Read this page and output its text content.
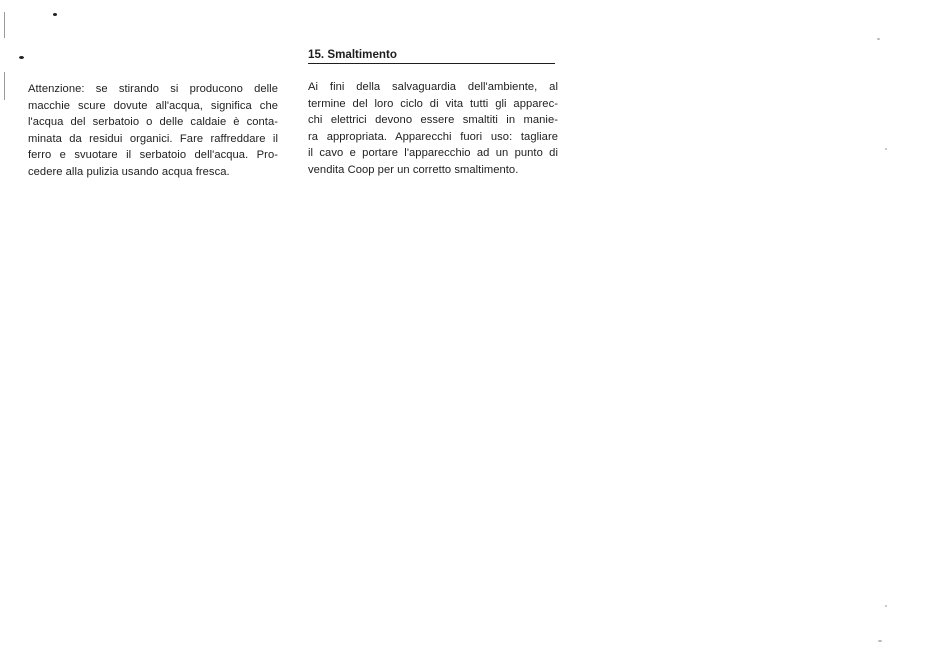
Attenzione: se stirando si producono delle
macchie scure dovute all'acqua, significa che
l'acqua del serbatoio o delle caldaie è conta-
minata da residui organici. Fare raffreddare il
ferro e svuotare il serbatoio dell'acqua. Pro-
cedere alla pulizia usando acqua fresca.
15. Smaltimento
Ai fini della salvaguardia dell'ambiente, al
termine del loro ciclo di vita tutti gli apparec-
chi elettrici devono essere smaltiti in manie-
ra appropriata. Apparecchi fuori uso: tagliare
il cavo e portare l'apparecchio ad un punto di
vendita Coop per un corretto smaltimento.
